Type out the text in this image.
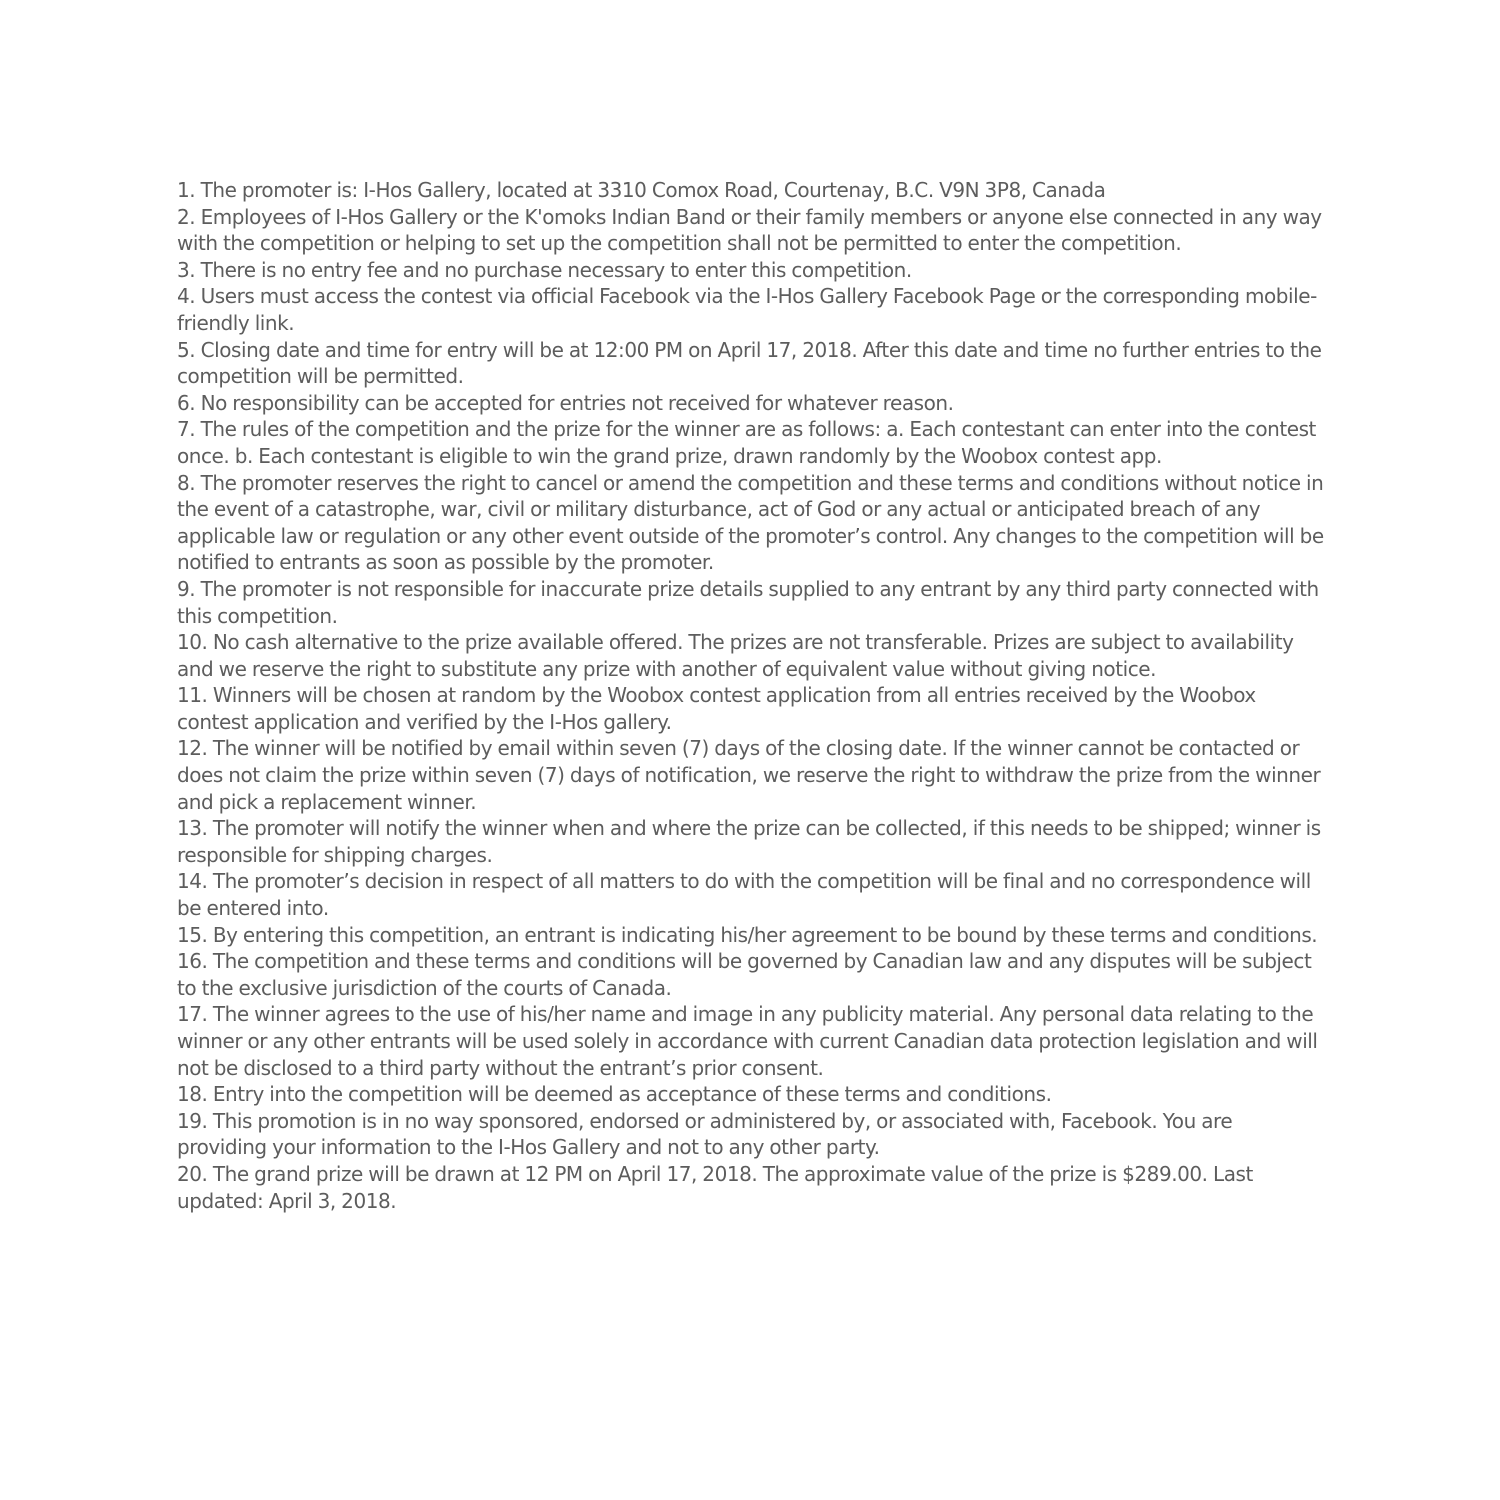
1. The promoter is: I-Hos Gallery, located at 3310 Comox Road, Courtenay, B.C. V9N 3P8, Canada
2. Employees of I-Hos Gallery or the K'omoks Indian Band or their family members or anyone else connected in any way with the competition or helping to set up the competition shall not be permitted to enter the competition.
3. There is no entry fee and no purchase necessary to enter this competition.
4. Users must access the contest via official Facebook via the I-Hos Gallery Facebook Page or the corresponding mobile-friendly link.
5. Closing date and time for entry will be at 12:00 PM on April 17, 2018. After this date and time no further entries to the competition will be permitted.
6. No responsibility can be accepted for entries not received for whatever reason.
7. The rules of the competition and the prize for the winner are as follows: a. Each contestant can enter into the contest once. b. Each contestant is eligible to win the grand prize, drawn randomly by the Woobox contest app.
8. The promoter reserves the right to cancel or amend the competition and these terms and conditions without notice in the event of a catastrophe, war, civil or military disturbance, act of God or any actual or anticipated breach of any applicable law or regulation or any other event outside of the promoter’s control. Any changes to the competition will be notified to entrants as soon as possible by the promoter.
9. The promoter is not responsible for inaccurate prize details supplied to any entrant by any third party connected with this competition.
10. No cash alternative to the prize available offered. The prizes are not transferable. Prizes are subject to availability and we reserve the right to substitute any prize with another of equivalent value without giving notice.
11. Winners will be chosen at random by the Woobox contest application from all entries received by the Woobox contest application and verified by the I-Hos gallery.
12. The winner will be notified by email within seven (7) days of the closing date. If the winner cannot be contacted or does not claim the prize within seven (7) days of notification, we reserve the right to withdraw the prize from the winner and pick a replacement winner.
13. The promoter will notify the winner when and where the prize can be collected, if this needs to be shipped; winner is responsible for shipping charges.
14. The promoter’s decision in respect of all matters to do with the competition will be final and no correspondence will be entered into.
15. By entering this competition, an entrant is indicating his/her agreement to be bound by these terms and conditions.
16. The competition and these terms and conditions will be governed by Canadian law and any disputes will be subject to the exclusive jurisdiction of the courts of Canada.
17. The winner agrees to the use of his/her name and image in any publicity material. Any personal data relating to the winner or any other entrants will be used solely in accordance with current Canadian data protection legislation and will not be disclosed to a third party without the entrant’s prior consent.
18. Entry into the competition will be deemed as acceptance of these terms and conditions.
19. This promotion is in no way sponsored, endorsed or administered by, or associated with, Facebook. You are providing your information to the I-Hos Gallery and not to any other party.
20. The grand prize will be drawn at 12 PM on April 17, 2018. The approximate value of the prize is $289.00. Last updated: April 3, 2018.
